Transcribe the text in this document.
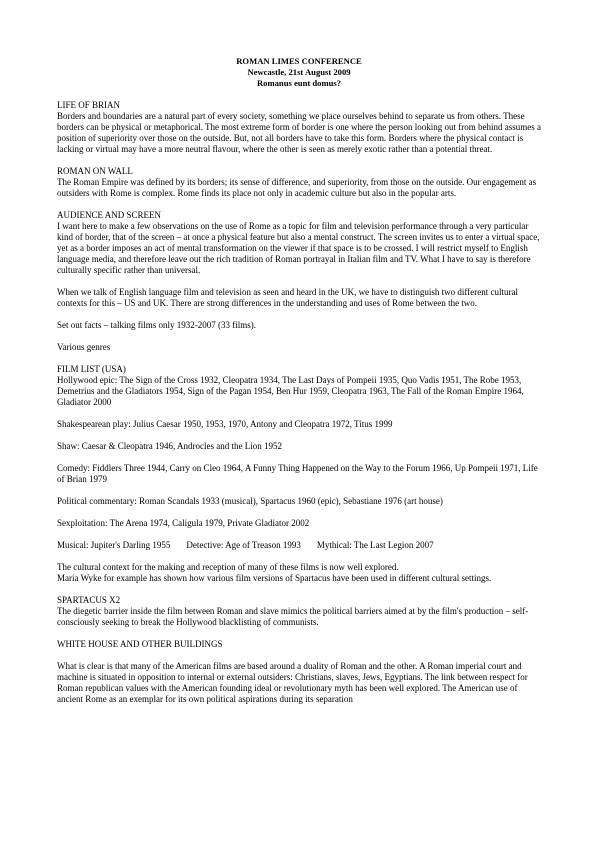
ROMAN LIMES CONFERENCE
Newcastle, 21st August 2009
Romanus eunt domus?
LIFE OF BRIAN

Borders and boundaries are a natural part of every society, something we place ourselves behind to separate us from others. These borders can be physical or metaphorical. The most extreme form of border is one where the person looking out from behind assumes a position of superiority over those on the outside. But, not all borders have to take this form. Borders where the physical contact is lacking or virtual may have a more neutral flavour, where the other is seen as merely exotic rather than a potential threat.

ROMAN ON WALL

The Roman Empire was defined by its borders; its sense of difference, and superiority, from those on the outside. Our engagement as outsiders with Rome is complex. Rome finds its place not only in academic culture but also in the popular arts.

AUDIENCE AND SCREEN

I want here to make a few observations on the use of Rome as a topic for film and television performance through a very particular kind of border, that of the screen – at once a physical feature but also a mental construct. The screen invites us to enter a virtual space, yet as a border imposes an act of mental transformation on the viewer if that space is to be crossed. I will restrict myself to English language media, and therefore leave out the rich tradition of Roman portrayal in Italian film and TV. What I have to say is therefore culturally specific rather than universal.

When we talk of English language film and television as seen and heard in the UK, we have to distinguish two different cultural contexts for this – US and UK. There are strong differences in the understanding and uses of Rome between the two.

Set out facts – talking films only 1932-2007 (33 films).

Various genres

FILM LIST (USA)

Hollywood epic: The Sign of the Cross 1932, Cleopatra 1934, The Last Days of Pompeii 1935, Quo Vadis 1951, The Robe 1953, Demetrius and the Gladiators 1954, Sign of the Pagan 1954, Ben Hur 1959, Cleopatra 1963, The Fall of the Roman Empire 1964, Gladiator 2000

Shakespearean play: Julius Caesar 1950, 1953, 1970, Antony and Cleopatra 1972, Titus 1999

Shaw: Caesar & Cleopatra 1946, Androcles and the Lion 1952

Comedy: Fiddlers Three 1944, Carry on Cleo 1964, A Funny Thing Happened on the Way to the Forum 1966, Up Pompeii 1971, Life of Brian 1979

Political commentary: Roman Scandals 1933 (musical), Spartacus 1960 (epic), Sebastiane 1976 (art house)

Sexploitation: The Arena 1974, Caligula 1979, Private Gladiator 2002

Musical: Jupiter's Darling 1955 Detective: Age of Treason 1993 Mythical: The Last Legion 2007

The cultural context for the making and reception of many of these films is now well explored.

Maria Wyke for example has shown how various film versions of Spartacus have been used in different cultural settings.

SPARTACUS X2

The diegetic barrier inside the film between Roman and slave mimics the political barriers aimed at by the film's production – self-consciously seeking to break the Hollywood blacklisting of communists.

WHITE HOUSE AND OTHER BUILDINGS

What is clear is that many of the American films are based around a duality of Roman and the other. A Roman imperial court and machine is situated in opposition to internal or external outsiders: Christians, slaves, Jews, Egyptians. The link between respect for Roman republican values with the American founding ideal or revolutionary myth has been well explored. The American use of ancient Rome as an exemplar for its own political aspirations during its separation
